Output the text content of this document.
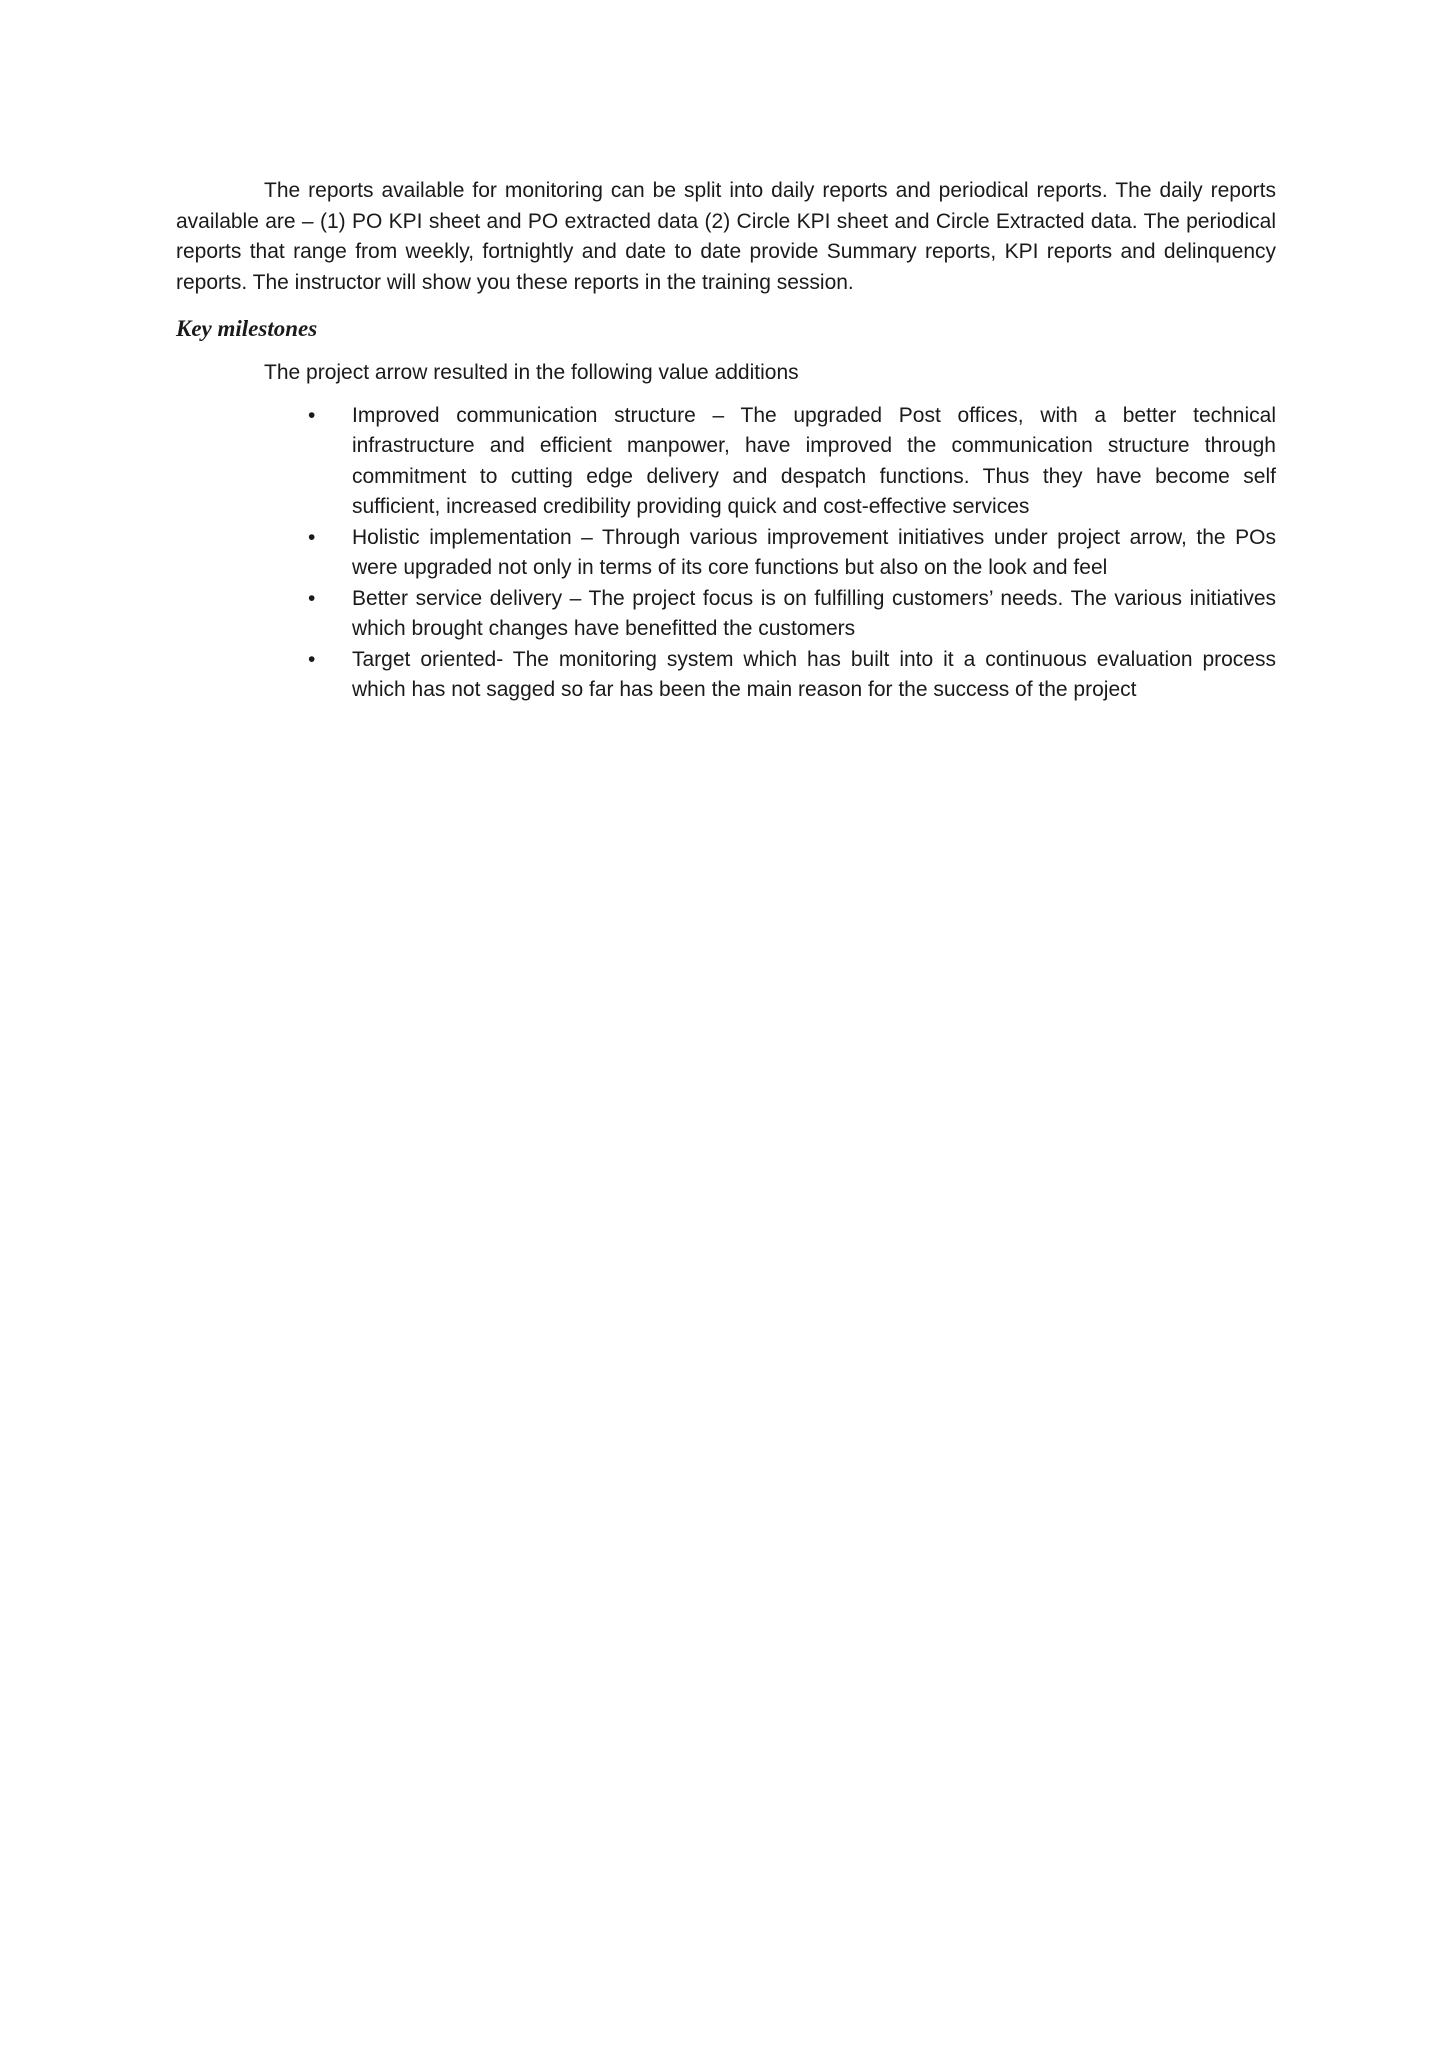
The reports available for monitoring can be split into daily reports and periodical reports. The daily reports available are – (1) PO KPI sheet and PO extracted data (2) Circle KPI sheet and Circle Extracted data. The periodical reports that range from weekly, fortnightly and date to date provide Summary reports, KPI reports and delinquency reports. The instructor will show you these reports in the training session.

Key milestones

The project arrow resulted in the following value additions

• Improved communication structure – The upgraded Post offices, with a better technical infrastructure and efficient manpower, have improved the communication structure through commitment to cutting edge delivery and despatch functions. Thus they have become self sufficient, increased credibility providing quick and cost-effective services
• Holistic implementation – Through various improvement initiatives under project arrow, the POs were upgraded not only in terms of its core functions but also on the look and feel
• Better service delivery – The project focus is on fulfilling customers’ needs. The various initiatives which brought changes have benefitted the customers
• Target oriented- The monitoring system which has built into it a continuous evaluation process which has not sagged so far has been the main reason for the success of the project
